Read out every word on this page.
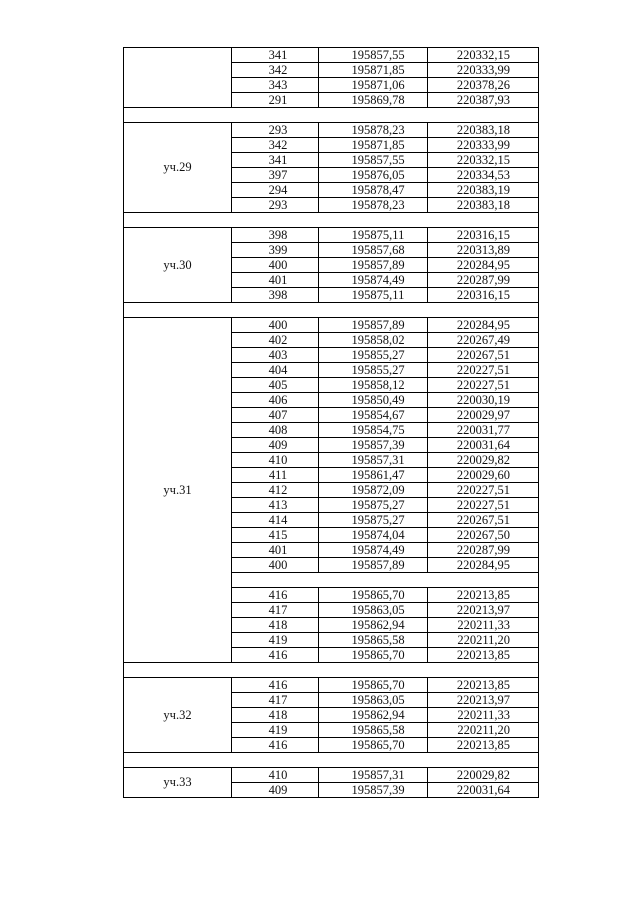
	341	195857,55	220332,15
	342	195871,85	220333,99
	343	195871,06	220378,26
	291	195869,78	220387,93

уч.29	293	195878,23	220383,18
	342	195871,85	220333,99
	341	195857,55	220332,15
	397	195876,05	220334,53
	294	195878,47	220383,19
	293	195878,23	220383,18

уч.30	398	195875,11	220316,15
	399	195857,68	220313,89
	400	195857,89	220284,95
	401	195874,49	220287,99
	398	195875,11	220316,15

уч.31	400	195857,89	220284,95
	402	195858,02	220267,49
	403	195855,27	220267,51
	404	195855,27	220227,51
	405	195858,12	220227,51
	406	195850,49	220030,19
	407	195854,67	220029,97
	408	195854,75	220031,77
	409	195857,39	220031,64
	410	195857,31	220029,82
	411	195861,47	220029,60
	412	195872,09	220227,51
	413	195875,27	220227,51
	414	195875,27	220267,51
	415	195874,04	220267,50
	401	195874,49	220287,99
	400	195857,89	220284,95

	416	195865,70	220213,85
	417	195863,05	220213,97
	418	195862,94	220211,33
	419	195865,58	220211,20
	416	195865,70	220213,85

уч.32	416	195865,70	220213,85
	417	195863,05	220213,97
	418	195862,94	220211,33
	419	195865,58	220211,20
	416	195865,70	220213,85

уч.33	410	195857,31	220029,82
	409	195857,39	220031,64
